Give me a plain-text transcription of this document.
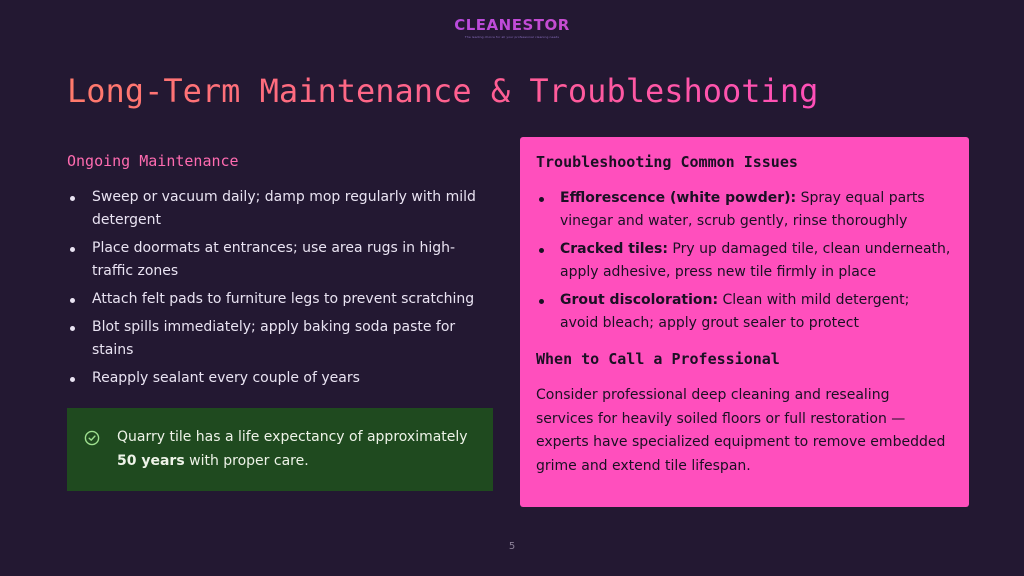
CLEANESTOR
The leading choice for all your professional cleaning needs
Long-Term Maintenance & Troubleshooting
Ongoing Maintenance
Sweep or vacuum daily; damp mop regularly with mild detergent
Place doormats at entrances; use area rugs in high-traffic zones
Attach felt pads to furniture legs to prevent scratching
Blot spills immediately; apply baking soda paste for stains
Reapply sealant every couple of years
Quarry tile has a life expectancy of approximately 50 years with proper care.
Troubleshooting Common Issues
Efflorescence (white powder): Spray equal parts vinegar and water, scrub gently, rinse thoroughly
Cracked tiles: Pry up damaged tile, clean underneath, apply adhesive, press new tile firmly in place
Grout discoloration: Clean with mild detergent; avoid bleach; apply grout sealer to protect
When to Call a Professional

Consider professional deep cleaning and resealing services for heavily soiled floors or full restoration — experts have specialized equipment to remove embedded grime and extend tile lifespan.

5
